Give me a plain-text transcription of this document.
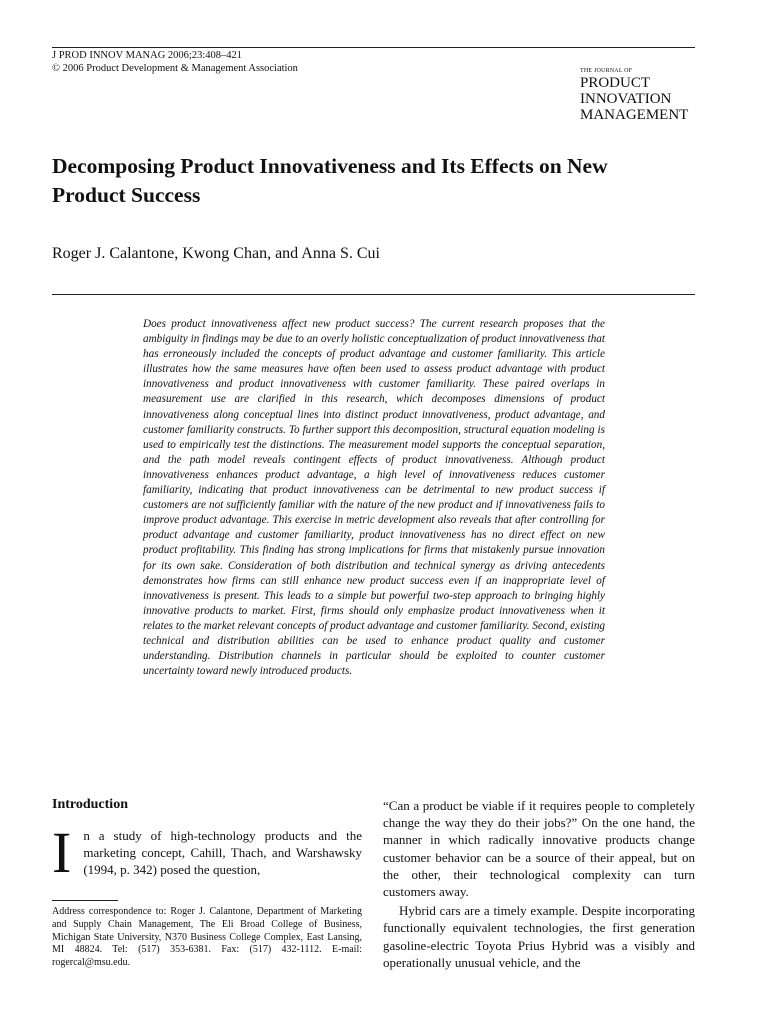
J PROD INNOV MANAG 2006;23:408–421
© 2006 Product Development & Management Association	THE JOURNAL OF
PRODUCT
INNOVATION
MANAGEMENT
Decomposing Product Innovativeness and Its Effects on New Product Success
Roger J. Calantone, Kwong Chan, and Anna S. Cui
Does product innovativeness affect new product success? The current research proposes that the ambiguity in findings may be due to an overly holistic conceptualization of product innovativeness that has erroneously included the concepts of product advantage and customer familiarity. This article illustrates how the same measures have often been used to assess product advantage with product innovativeness and product innovativeness with customer familiarity. These paired overlaps in measurement use are clarified in this research, which decomposes dimensions of product innovativeness along conceptual lines into distinct product innovativeness, product advantage, and customer familiarity constructs. To further support this decomposition, structural equation modeling is used to empirically test the distinctions. The measurement model supports the conceptual separation, and the path model reveals contingent effects of product innovativeness. Although product innovativeness enhances product advantage, a high level of innovativeness reduces customer familiarity, indicating that product innovativeness can be detrimental to new product success if customers are not sufficiently familiar with the nature of the new product and if innovativeness fails to improve product advantage. This exercise in metric development also reveals that after controlling for product advantage and customer familiarity, product innovativeness has no direct effect on new product profitability. This finding has strong implications for firms that mistakenly pursue innovation for its own sake. Consideration of both distribution and technical synergy as driving antecedents demonstrates how firms can still enhance new product success even if an inappropriate level of innovativeness is present. This leads to a simple but powerful two-step approach to bringing highly innovative products to market. First, firms should only emphasize product innovativeness when it relates to the market relevant concepts of product advantage and customer familiarity. Second, existing technical and distribution abilities can be used to enhance product quality and customer understanding. Distribution channels in particular should be exploited to counter customer uncertainty toward newly introduced products.
Introduction
I n a study of high-technology products and the marketing concept, Cahill, Thach, and Warshawsky (1994, p. 342) posed the question,
Address correspondence to: Roger J. Calantone, Department of Marketing and Supply Chain Management, The Eli Broad College of Business, Michigan State University, N370 Business College Complex, East Lansing, MI 48824. Tel: (517) 353-6381. Fax: (517) 432-1112. E-mail: rogercal@msu.edu.

“Can a product be viable if it requires people to completely change the way they do their jobs?” On the one hand, the manner in which radically innovative products change customer behavior can be a source of their appeal, but on the other, their technological complexity can turn customers away.

Hybrid cars are a timely example. Despite incorporating functionally equivalent technologies, the first generation gasoline-electric Toyota Prius Hybrid was a visibly and operationally unusual vehicle, and the
